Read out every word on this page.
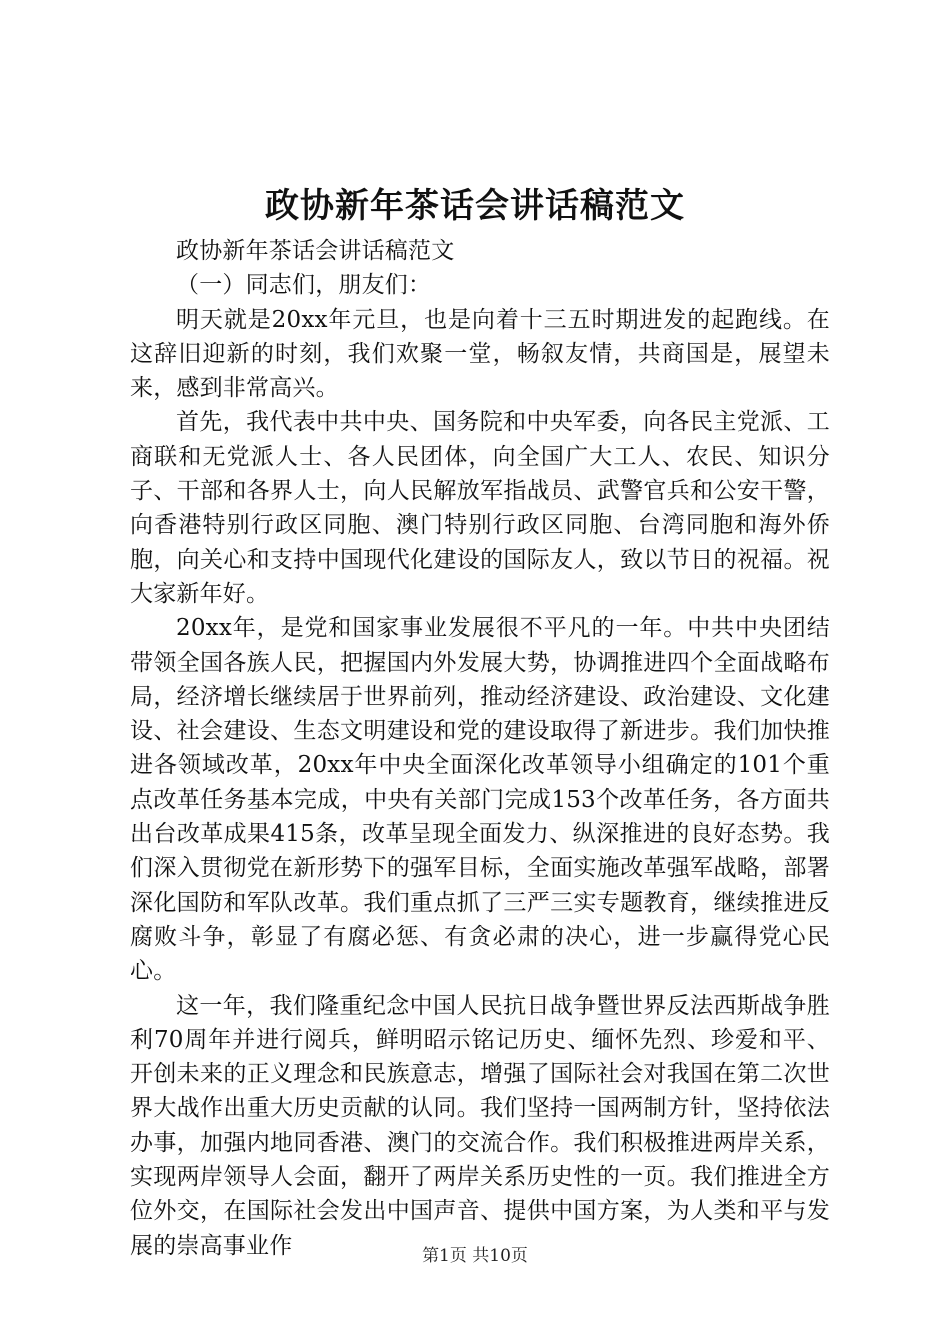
政协新年茶话会讲话稿范文

政协新年茶话会讲话稿范文

（一）同志们，朋友们：

明天就是20xx年元旦，也是向着十三五时期进发的起跑线。在这辞旧迎新的时刻，我们欢聚一堂，畅叙友情，共商国是，展望未来，感到非常高兴。

首先，我代表中共中央、国务院和中央军委，向各民主党派、工商联和无党派人士、各人民团体，向全国广大工人、农民、知识分子、干部和各界人士，向人民解放军指战员、武警官兵和公安干警，向香港特别行政区同胞、澳门特别行政区同胞、台湾同胞和海外侨胞，向关心和支持中国现代化建设的国际友人，致以节日的祝福。祝大家新年好。

20xx年，是党和国家事业发展很不平凡的一年。中共中央团结带领全国各族人民，把握国内外发展大势，协调推进四个全面战略布局，经济增长继续居于世界前列，推动经济建设、政治建设、文化建设、社会建设、生态文明建设和党的建设取得了新进步。我们加快推进各领域改革，20xx年中央全面深化改革领导小组确定的101个重点改革任务基本完成，中央有关部门完成153个改革任务，各方面共出台改革成果415条，改革呈现全面发力、纵深推进的良好态势。我们深入贯彻党在新形势下的强军目标，全面实施改革强军战略，部署深化国防和军队改革。我们重点抓了三严三实专题教育，继续推进反腐败斗争，彰显了有腐必惩、有贪必肃的决心，进一步赢得党心民心。

这一年，我们隆重纪念中国人民抗日战争暨世界反法西斯战争胜利70周年并进行阅兵，鲜明昭示铭记历史、缅怀先烈、珍爱和平、开创未来的正义理念和民族意志，增强了国际社会对我国在第二次世界大战作出重大历史贡献的认同。我们坚持一国两制方针，坚持依法办事，加强内地同香港、澳门的交流合作。我们积极推进两岸关系，实现两岸领导人会面，翻开了两岸关系历史性的一页。我们推进全方位外交，在国际社会发出中国声音、提供中国方案，为人类和平与发展的崇高事业作	第1页 共10页
